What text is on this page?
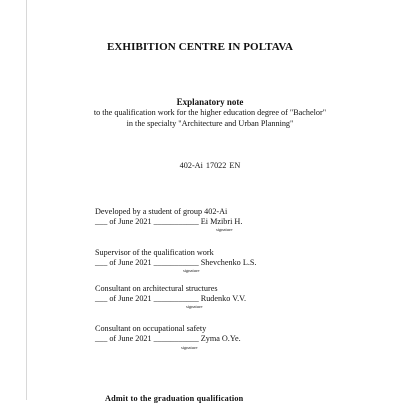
EXHIBITION CENTRE IN POLTAVA
Explanatory note
to the qualification work for the higher education degree of "Bachelor"
in the specialty "Architecture and Urban Planning"
402-Ai 17022 EN
Developed by a student of group 402-Ai
___ of June 2021 ___________ Ei Mzibri H.
signature
Supervisor of the qualification work
___ of June 2021 ___________ Shevchenko L.S.
signature
Consultant on architectural structures
___ of June 2021 ___________ Rudenko V.V.
signature
Consultant on occupational safety
___ of June 2021 ___________ Zyma O.Ye.
signature
Admit to the graduation qualification
